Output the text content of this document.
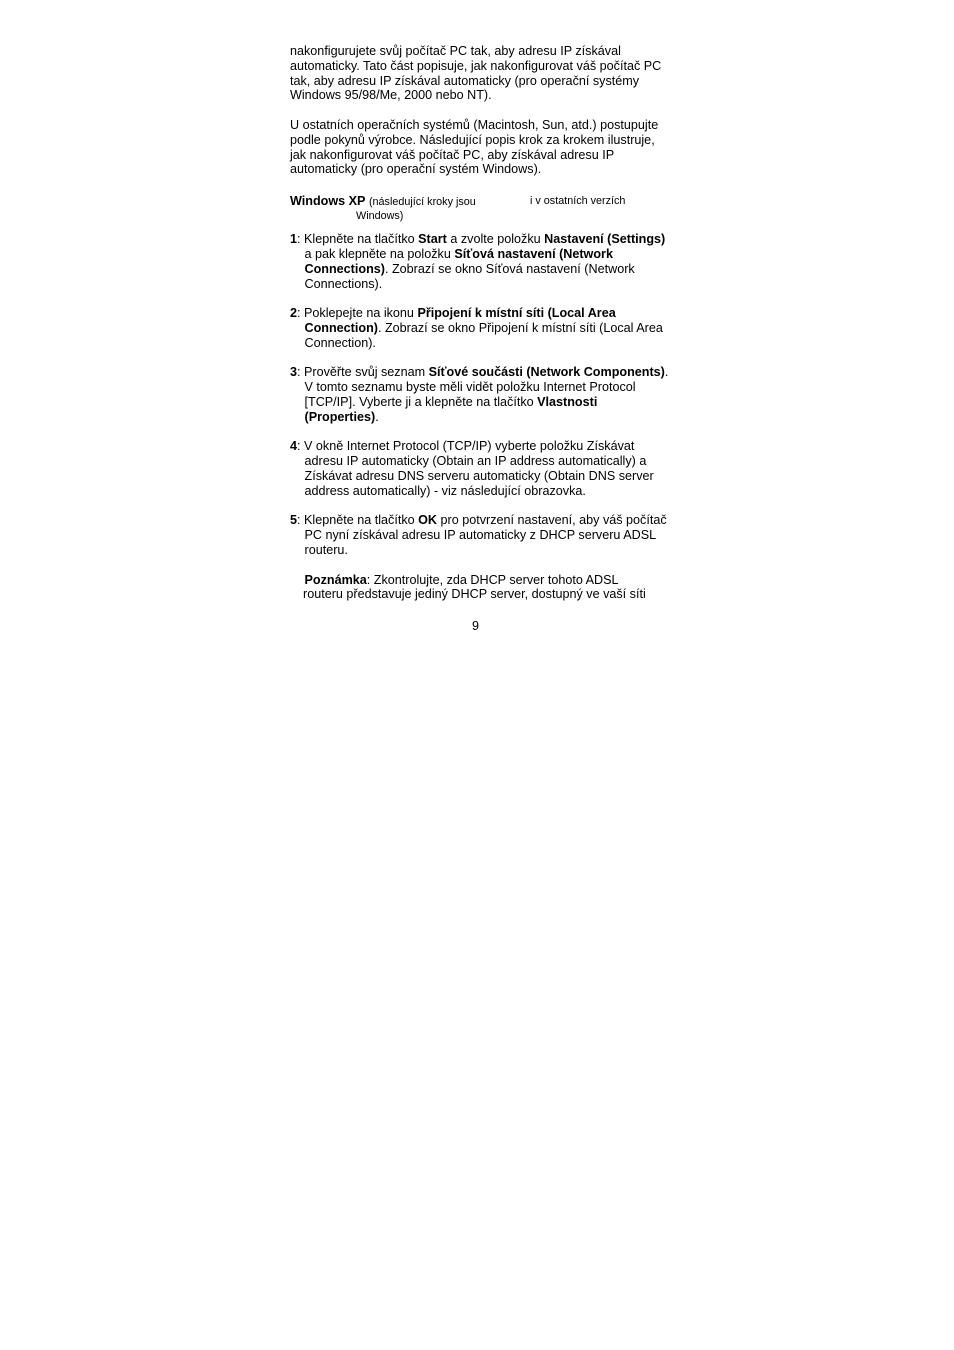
nakonfigurujete svůj počítač PC tak, aby adresu IP získával automaticky. Tato část popisuje, jak nakonfigurovat váš počítač PC tak, aby adresu IP získával automaticky (pro operační systémy Windows 95/98/Me, 2000 nebo NT).

U ostatních operačních systémů (Macintosh, Sun, atd.) postupujte podle pokynů výrobce. Následující popis krok za krokem ilustruje, jak nakonfigurovat váš počítač PC, aby získával adresu IP automaticky (pro operační systém Windows).

Windows XP (následující kroky jsou	i v ostatních verzích
Windows)

1: Klepněte na tlačítko Start a zvolte položku Nastavení (Settings) a pak klepněte na položku Síťová nastavení (Network Connections). Zobrazí se okno Síťová nastavení (Network Connections).

2: Poklepejte na ikonu Připojení k místní síti (Local Area Connection). Zobrazí se okno Připojení k místní síti (Local Area Connection).

3: Prověřte svůj seznam Síťové součásti (Network Components). V tomto seznamu byste měli vidět položku Internet Protocol [TCP/IP]. Vyberte ji a klepněte na tlačítko Vlastnosti (Properties).

4: V okně Internet Protocol (TCP/IP) vyberte položku Získávat adresu IP automaticky (Obtain an IP address automatically) a Získávat adresu DNS serveru automaticky (Obtain DNS server address automatically) - viz následující obrazovka.

5: Klepněte na tlačítko OK pro potvrzení nastavení, aby váš počítač PC nyní získával adresu IP automaticky z DHCP serveru ADSL routeru.

Poznámka: Zkontrolujte, zda DHCP server tohoto ADSL

routeru představuje jediný DHCP server, dostupný ve vaší síti

9
